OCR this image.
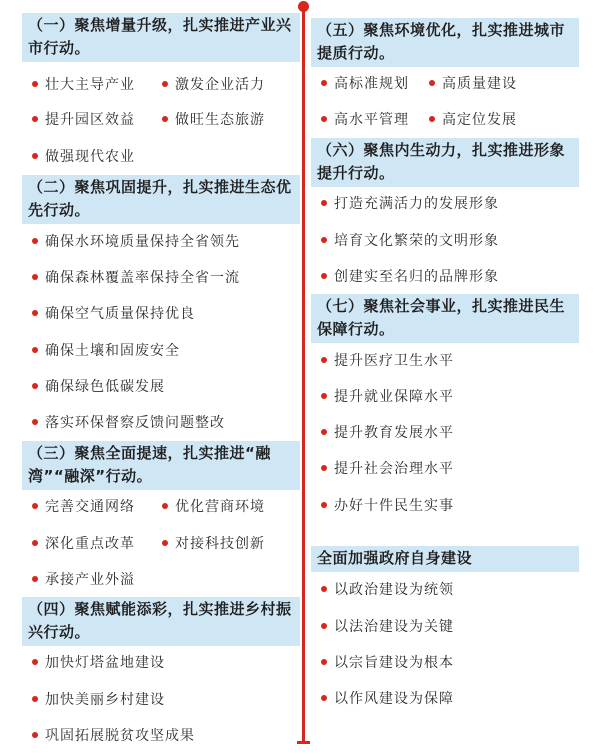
（一）聚焦增量升级，扎实推进产业兴市行动。
壮大主导产业	激发企业活力
提升园区效益	做旺生态旅游
做强现代农业
（二）聚焦巩固提升，扎实推进生态优先行动。
确保水环境质量保持全省领先
确保森林覆盖率保持全省一流
确保空气质量保持优良
确保土壤和固废安全
确保绿色低碳发展
落实环保督察反馈问题整改
（三）聚焦全面提速，扎实推进“融湾”“融深”行动。
完善交通网络	优化营商环境
深化重点改革	对接科技创新
承接产业外溢
（四）聚焦赋能添彩，扎实推进乡村振兴行动。
加快灯塔盆地建设
加快美丽乡村建设
巩固拓展脱贫攻坚成果
（五）聚焦环境优化，扎实推进城市提质行动。
高标准规划	高质量建设
高水平管理	高定位发展
（六）聚焦内生动力，扎实推进形象提升行动。
打造充满活力的发展形象
培育文化繁荣的文明形象
创建实至名归的品牌形象
（七）聚焦社会事业，扎实推进民生保障行动。
提升医疗卫生水平
提升就业保障水平
提升教育发展水平
提升社会治理水平
办好十件民生实事
全面加强政府自身建设
以政治建设为统领
以法治建设为关键
以宗旨建设为根本
以作风建设为保障
